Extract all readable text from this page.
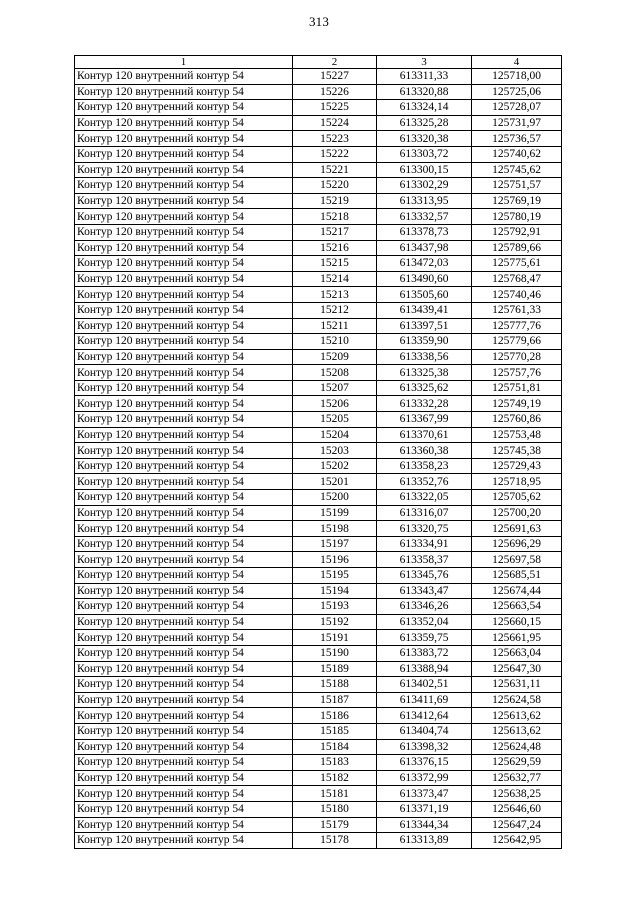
313
1	2	3	4
Контур 120 внутренний контур 54	15227	613311,33	125718,00
Контур 120 внутренний контур 54	15226	613320,88	125725,06
Контур 120 внутренний контур 54	15225	613324,14	125728,07
Контур 120 внутренний контур 54	15224	613325,28	125731,97
Контур 120 внутренний контур 54	15223	613320,38	125736,57
Контур 120 внутренний контур 54	15222	613303,72	125740,62
Контур 120 внутренний контур 54	15221	613300,15	125745,62
Контур 120 внутренний контур 54	15220	613302,29	125751,57
Контур 120 внутренний контур 54	15219	613313,95	125769,19
Контур 120 внутренний контур 54	15218	613332,57	125780,19
Контур 120 внутренний контур 54	15217	613378,73	125792,91
Контур 120 внутренний контур 54	15216	613437,98	125789,66
Контур 120 внутренний контур 54	15215	613472,03	125775,61
Контур 120 внутренний контур 54	15214	613490,60	125768,47
Контур 120 внутренний контур 54	15213	613505,60	125740,46
Контур 120 внутренний контур 54	15212	613439,41	125761,33
Контур 120 внутренний контур 54	15211	613397,51	125777,76
Контур 120 внутренний контур 54	15210	613359,90	125779,66
Контур 120 внутренний контур 54	15209	613338,56	125770,28
Контур 120 внутренний контур 54	15208	613325,38	125757,76
Контур 120 внутренний контур 54	15207	613325,62	125751,81
Контур 120 внутренний контур 54	15206	613332,28	125749,19
Контур 120 внутренний контур 54	15205	613367,99	125760,86
Контур 120 внутренний контур 54	15204	613370,61	125753,48
Контур 120 внутренний контур 54	15203	613360,38	125745,38
Контур 120 внутренний контур 54	15202	613358,23	125729,43
Контур 120 внутренний контур 54	15201	613352,76	125718,95
Контур 120 внутренний контур 54	15200	613322,05	125705,62
Контур 120 внутренний контур 54	15199	613316,07	125700,20
Контур 120 внутренний контур 54	15198	613320,75	125691,63
Контур 120 внутренний контур 54	15197	613334,91	125696,29
Контур 120 внутренний контур 54	15196	613358,37	125697,58
Контур 120 внутренний контур 54	15195	613345,76	125685,51
Контур 120 внутренний контур 54	15194	613343,47	125674,44
Контур 120 внутренний контур 54	15193	613346,26	125663,54
Контур 120 внутренний контур 54	15192	613352,04	125660,15
Контур 120 внутренний контур 54	15191	613359,75	125661,95
Контур 120 внутренний контур 54	15190	613383,72	125663,04
Контур 120 внутренний контур 54	15189	613388,94	125647,30
Контур 120 внутренний контур 54	15188	613402,51	125631,11
Контур 120 внутренний контур 54	15187	613411,69	125624,58
Контур 120 внутренний контур 54	15186	613412,64	125613,62
Контур 120 внутренний контур 54	15185	613404,74	125613,62
Контур 120 внутренний контур 54	15184	613398,32	125624,48
Контур 120 внутренний контур 54	15183	613376,15	125629,59
Контур 120 внутренний контур 54	15182	613372,99	125632,77
Контур 120 внутренний контур 54	15181	613373,47	125638,25
Контур 120 внутренний контур 54	15180	613371,19	125646,60
Контур 120 внутренний контур 54	15179	613344,34	125647,24
Контур 120 внутренний контур 54	15178	613313,89	125642,95
